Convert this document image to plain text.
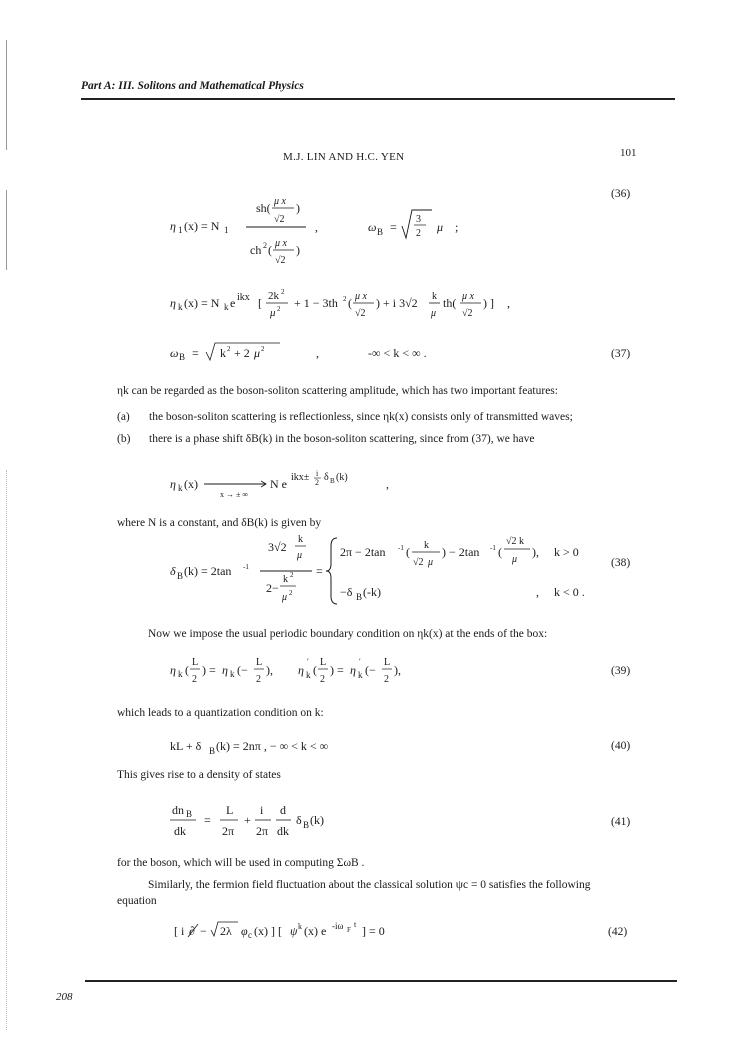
Part A: III. Solitons and Mathematical Physics
M.J. LIN AND H.C. YEN	101
(36)
η 1 (x) = N 1
sh( μ x
√2
)
ch 2 ( μ x
√2
)
,	ω B =
3
2 μ ;
η k (x) = N k e ikx [ 2k 2
μ 2 + 1 − 3th 2 ( μ x
√2
) + i 3√2 k
μ
th( μ x
√2
) ] ,
ω B = k 2 + 2 μ 2	,	-∞ < k < ∞ .	(37)
ηk can be regarded as the boson-soliton scattering amplitude, which has two important features:
(a) the boson-soliton scattering is reflectionless, since ηk(x) consists only of transmitted waves;
(b) there is a phase shift δB(k) in the boson-soliton scattering, since from (37), we have
η k (x)
x → ± ∞
N e ikx± i
2 δ B (k)	,
where N is a constant, and δB(k) is given by
δ B (k) = 2tan -1
3√2
k
μ
2−
k 2
μ 2
=
2π − 2tan -1 ( k
√2 μ
) − 2tan -1 (
√2 k
μ
), k > 0
−δ B (-k)	, k < 0 .
(38)
Now we impose the usual periodic boundary condition on ηk(x) at the ends of the box:
η k (
L
2
) = η k (−
L
2
), η
′
k (
L
2
) = η
′
k (−
L
2
),	(39)
which leads to a quantization condition on k:
kL + δ B (k) = 2nπ , − ∞ < k < ∞	(40)
This gives rise to a density of states
dn B
dk
=
L
2π
+
i
2π
d
dk
δ B (k)	(41)
for the boson, which will be used in computing ΣωB .
Similarly, the fermion field fluctuation about the classical solution ψc = 0 satisfies the following
equation
[ i ∂ − 2λ φ c (x) ] [ ψ k (x) e -iω F
t ] = 0	(42)
208
